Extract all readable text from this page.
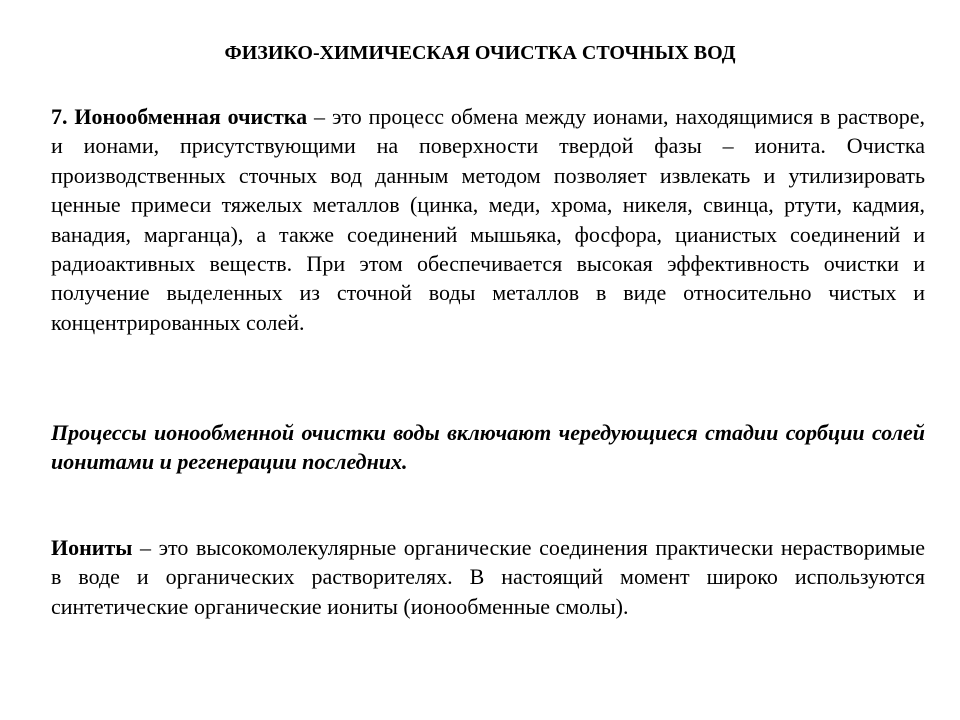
ФИЗИКО-ХИМИЧЕСКАЯ ОЧИСТКА СТОЧНЫХ ВОД

7. Ионообменная очистка – это процесс обмена между ионами, находящимися в растворе, и ионами, присутствующими на поверхности твердой фазы – ионита. Очистка производственных сточных вод данным методом позволяет извлекать и утилизировать ценные примеси тяжелых металлов (цинка, меди, хрома, никеля, свинца, ртути, кадмия, ванадия, марганца), а также соединений мышьяка, фосфора, цианистых соединений и радиоактивных веществ. При этом обеспечивается высокая эффективность очистки и получение выделенных из сточной воды металлов в виде относительно чистых и концентрированных солей.

Процессы ионообменной очистки воды включают чередующиеся стадии сорбции солей ионитами и регенерации последних.

Иониты – это высокомолекулярные органические соединения практически нерастворимые в воде и органических растворителях. В настоящий момент широко используются синтетические органические иониты (ионообменные смолы).
